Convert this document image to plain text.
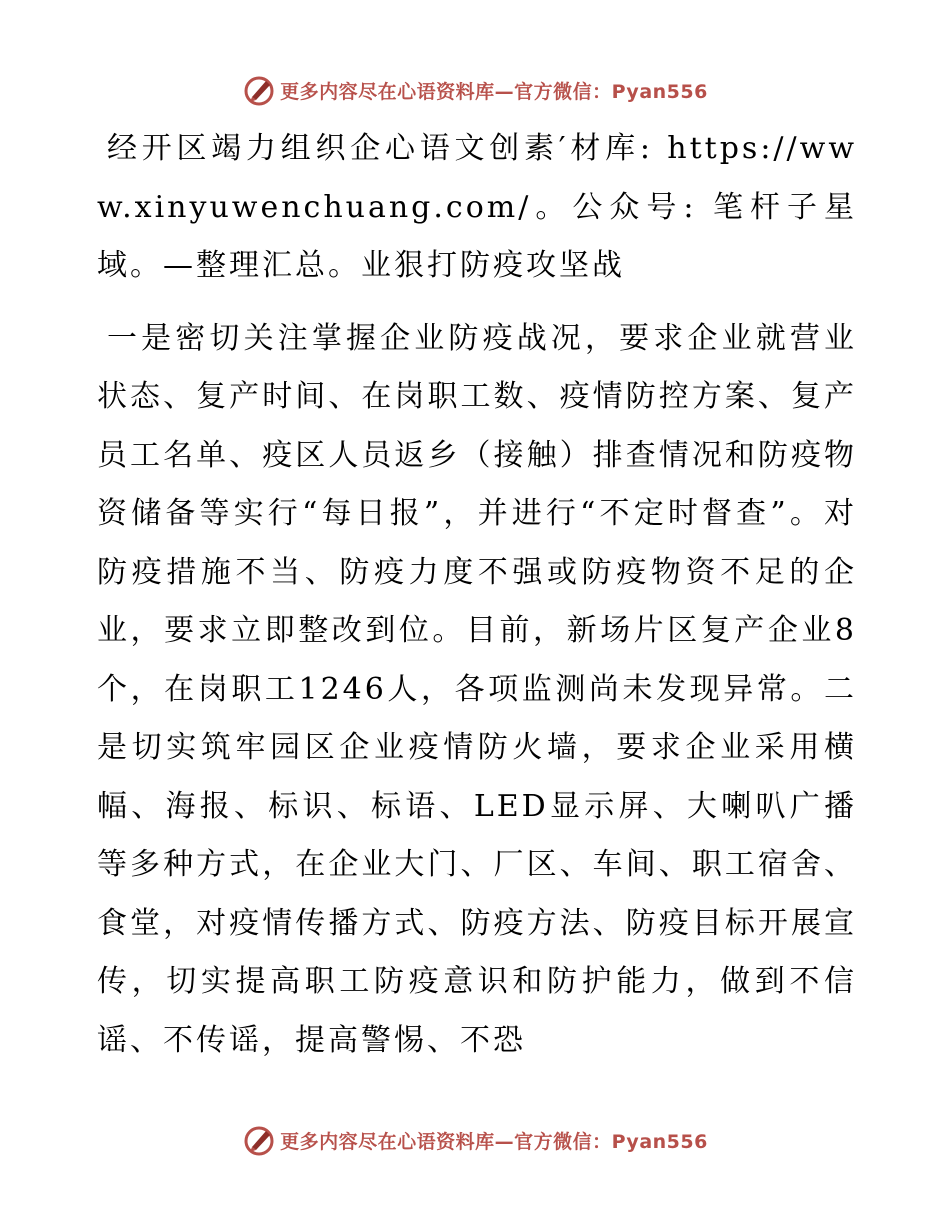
更多内容尽在心语资料库—官方微信：Pyan556

经开区竭力组织企心语文创素′材库: https://www.xinyuwenchuang.com/。公众号: 笔杆子星域。—整理汇总。业狠打防疫攻坚战

一是密切关注掌握企业防疫战况，要求企业就营业状态、复产时间、在岗职工数、疫情防控方案、复产员工名单、疫区人员返乡（接触）排查情况和防疫物资储备等实行“每日报”，并进行“不定时督查”。对防疫措施不当、防疫力度不强或防疫物资不足的企业，要求立即整改到位。目前，新场片区复产企业8个，在岗职工1246人，各项监测尚未发现异常。二是切实筑牢园区企业疫情防火墙，要求企业采用横幅、海报、标识、标语、LED显示屏、大喇叭广播等多种方式，在企业大门、厂区、车间、职工宿舍、食堂，对疫情传播方式、防疫方法、防疫目标开展宣传，切实提高职工防疫意识和防护能力，做到不信谣、不传谣，提高警惕、不恐

更多内容尽在心语资料库—官方微信：Pyan556
